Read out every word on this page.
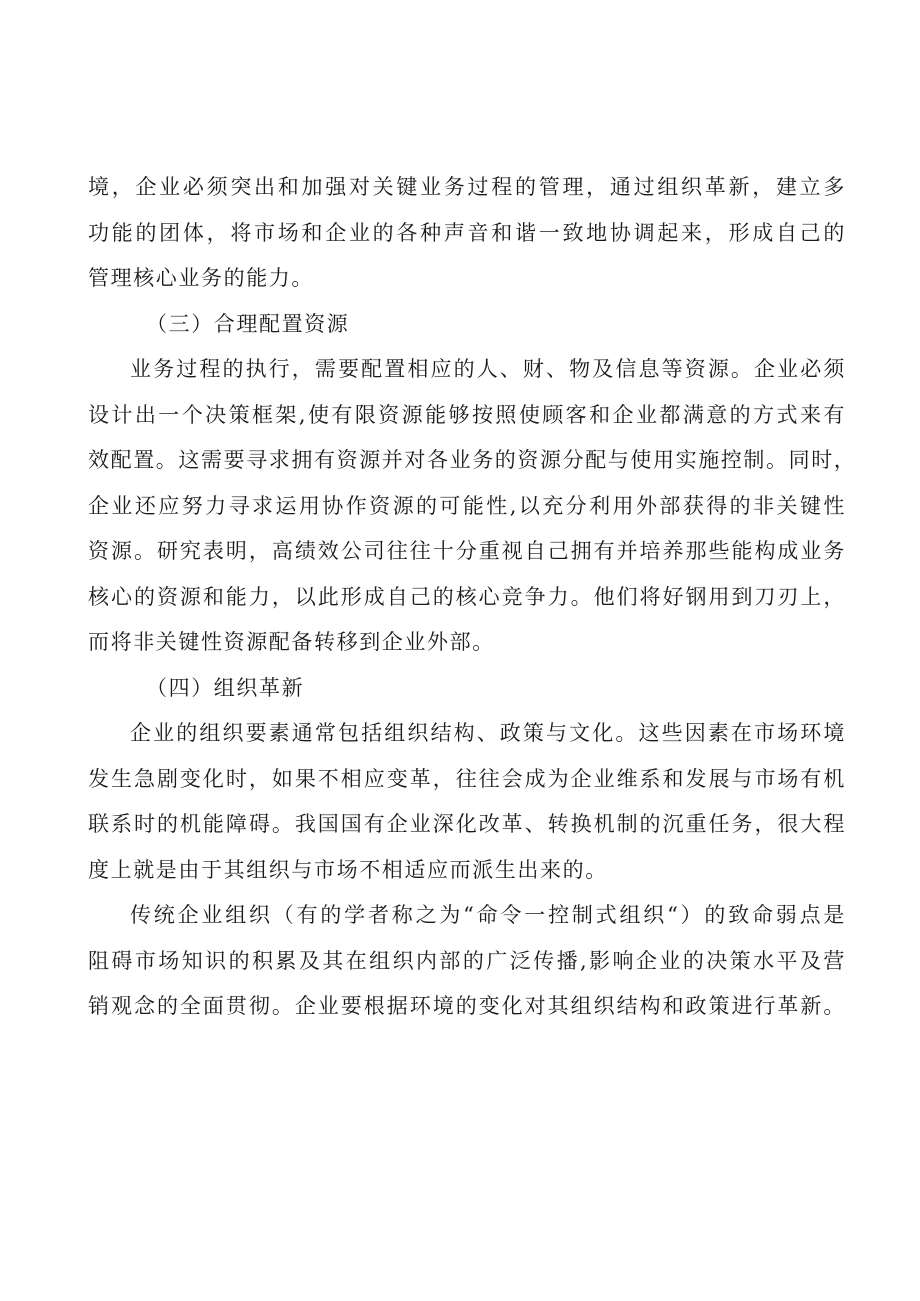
境，企业必须突出和加强对关键业务过程的管理，通过组织革新，建立多
功能的团体，将市场和企业的各种声音和谐一致地协调起来，形成自己的
管理核心业务的能力。
（三）合理配置资源
业务过程的执行，需要配置相应的人、财、物及信息等资源。企业必须
设计出一个决策框架,使有限资源能够按照使顾客和企业都满意的方式来有
效配置。这需要寻求拥有资源并对各业务的资源分配与使用实施控制。同时，
企业还应努力寻求运用协作资源的可能性,以充分利用外部获得的非关键性
资源。研究表明，高绩效公司往往十分重视自己拥有并培养那些能构成业务
核心的资源和能力，以此形成自己的核心竞争力。他们将好钢用到刀刃上，
而将非关键性资源配备转移到企业外部。
（四）组织革新
企业的组织要素通常包括组织结构、政策与文化。这些因素在市场环境
发生急剧变化时，如果不相应变革，往往会成为企业维系和发展与市场有机
联系时的机能障碍。我国国有企业深化改革、转换机制的沉重任务，很大程
度上就是由于其组织与市场不相适应而派生出来的。
传统企业组织（有的学者称之为“命令一控制式组织“）的致命弱点是
阻碍市场知识的积累及其在组织内部的广泛传播,影响企业的决策水平及营
销观念的全面贯彻。企业要根据环境的变化对其组织结构和政策进行革新。
